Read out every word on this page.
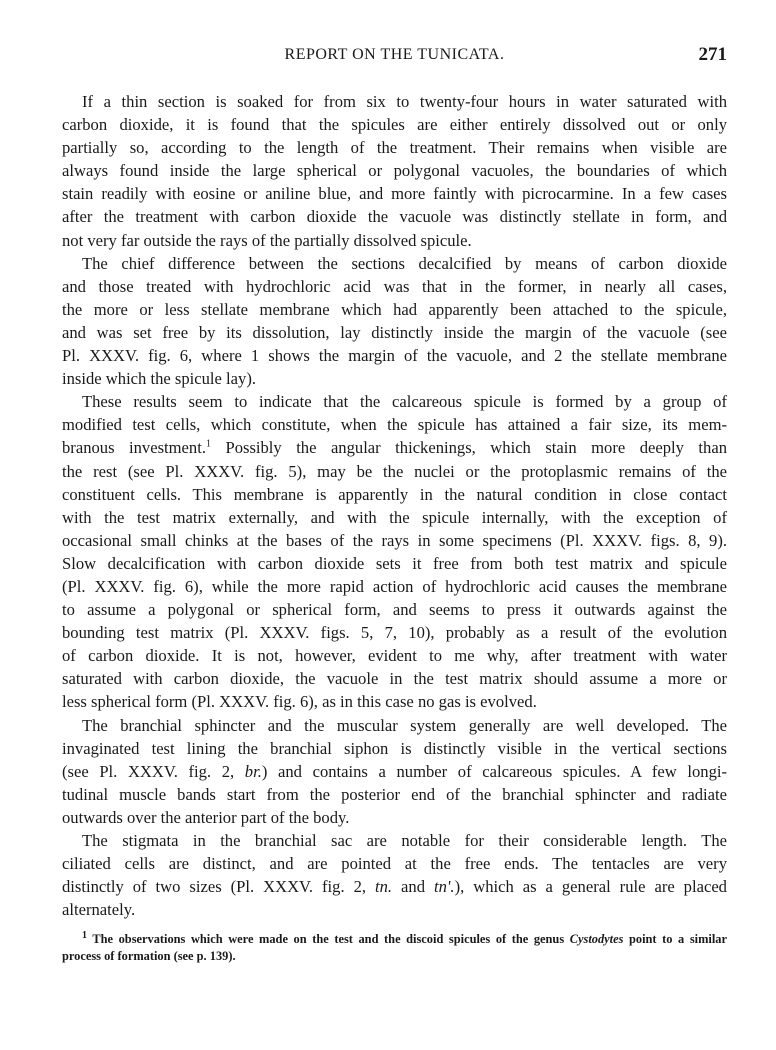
REPORT ON THE TUNICATA.	271
If a thin section is soaked for from six to twenty-four hours in water saturated with
carbon dioxide, it is found that the spicules are either entirely dissolved out or only
partially so, according to the length of the treatment. Their remains when visible are
always found inside the large spherical or polygonal vacuoles, the boundaries of which
stain readily with eosine or aniline blue, and more faintly with picrocarmine. In a few cases
after the treatment with carbon dioxide the vacuole was distinctly stellate in form, and
not very far outside the rays of the partially dissolved spicule.
The chief difference between the sections decalcified by means of carbon dioxide
and those treated with hydrochloric acid was that in the former, in nearly all cases,
the more or less stellate membrane which had apparently been attached to the spicule,
and was set free by its dissolution, lay distinctly inside the margin of the vacuole (see
Pl. XXXV. fig. 6, where 1 shows the margin of the vacuole, and 2 the stellate membrane
inside which the spicule lay).
These results seem to indicate that the calcareous spicule is formed by a group of
modified test cells, which constitute, when the spicule has attained a fair size, its mem-
branous investment.$^1$ Possibly the angular thickenings, which stain more deeply than
the rest (see Pl. XXXV. fig. 5), may be the nuclei or the protoplasmic remains of the
constituent cells. This membrane is apparently in the natural condition in close contact
with the test matrix externally, and with the spicule internally, with the exception of
occasional small chinks at the bases of the rays in some specimens (Pl. XXXV. figs. 8, 9).
Slow decalcification with carbon dioxide sets it free from both test matrix and spicule
(Pl. XXXV. fig. 6), while the more rapid action of hydrochloric acid causes the membrane
to assume a polygonal or spherical form, and seems to press it outwards against the
bounding test matrix (Pl. XXXV. figs. 5, 7, 10), probably as a result of the evolution
of carbon dioxide. It is not, however, evident to me why, after treatment with water
saturated with carbon dioxide, the vacuole in the test matrix should assume a more or
less spherical form (Pl. XXXV. fig. 6), as in this case no gas is evolved.
The branchial sphincter and the muscular system generally are well developed. The
invaginated test lining the branchial siphon is distinctly visible in the vertical sections
(see Pl. XXXV. fig. 2, br.) and contains a number of calcareous spicules. A few longi-
tudinal muscle bands start from the posterior end of the branchial sphincter and radiate
outwards over the anterior part of the body.
The stigmata in the branchial sac are notable for their considerable length. The
ciliated cells are distinct, and are pointed at the free ends. The tentacles are very
distinctly of two sizes (Pl. XXXV. fig. 2, tn. and tn'.), which as a general rule are placed
alternately.
$^1$ The observations which were made on the test and the discoid spicules of the genus Cystodytes point to a similar
process of formation (see p. 139).
